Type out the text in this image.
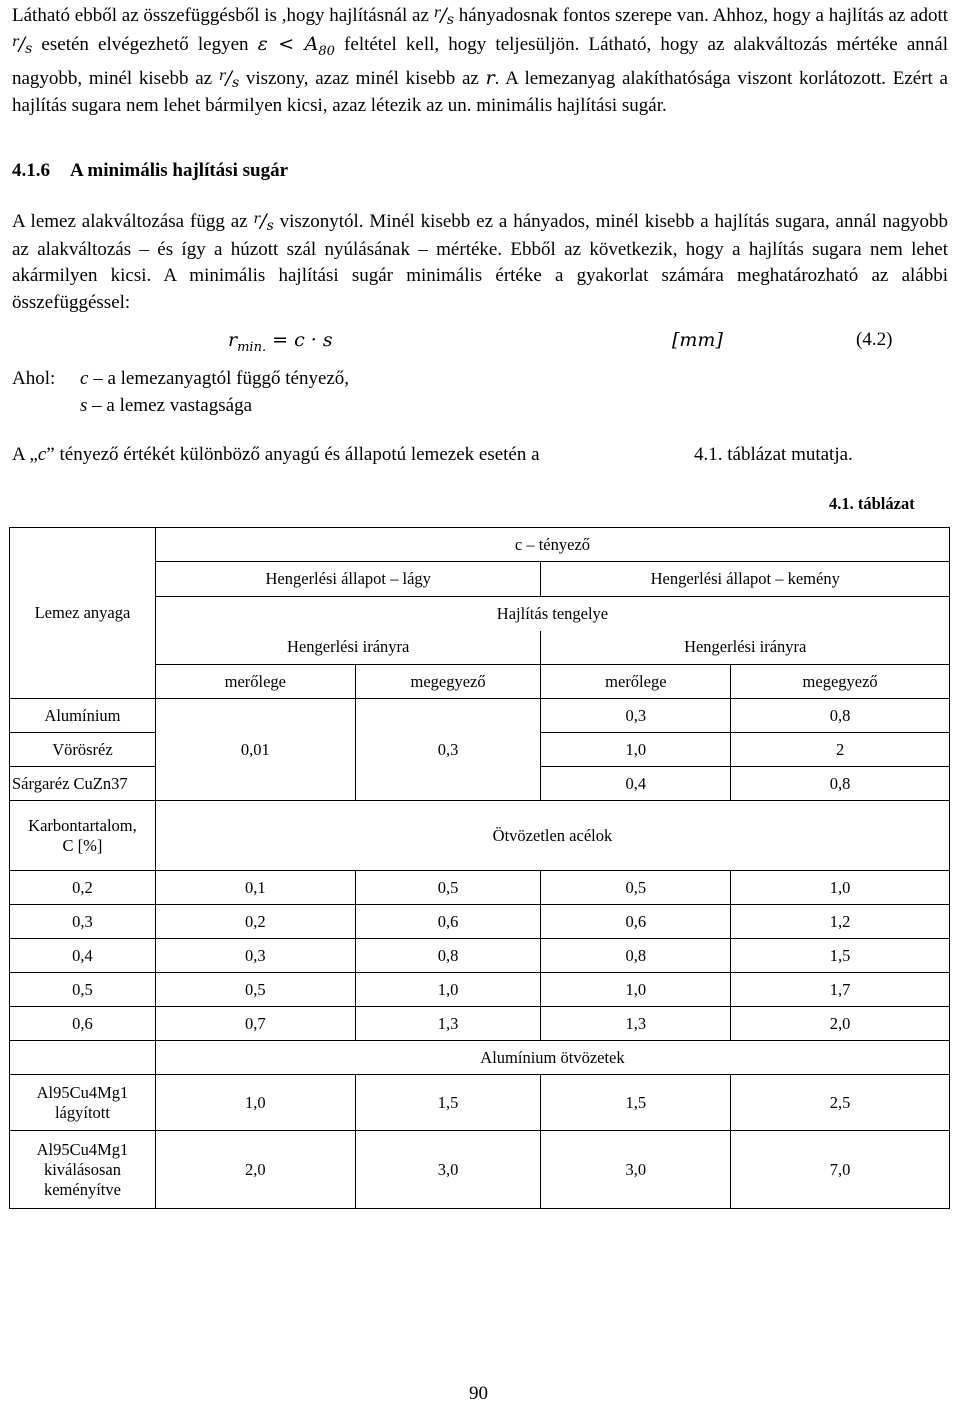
Látható ebből az összefüggésből is ,hogy hajlításnál az $^r/_s$ hányadosnak fontos szerepe van. Ahhoz, hogy a hajlítás az adott $^r/_s$ esetén elvégezhető legyen $\varepsilon < A_{80}$ feltétel kell, hogy teljesüljön. Látható, hogy az alakváltozás mértéke annál nagyobb, minél kisebb az $^r/_s$ viszony, azaz minél kisebb az r. A lemezanyag alakíthatósága viszont korlátozott. Ezért a hajlítás sugara nem lehet bármilyen kicsi, azaz létezik az un. minimális hajlítási sugár.
4.1.6 A minimális hajlítási sugár
A lemez alakváltozása függ az $^r/_s$ viszonytól. Minél kisebb ez a hányados, minél kisebb a hajlítás sugara, annál nagyobb az alakváltozás – és így a húzott szál nyúlásának – mértéke. Ebből az következik, hogy a hajlítás sugara nem lehet akármilyen kicsi. A minimális hajlítási sugár minimális értéke a gyakorlat számára meghatározható az alábbi összefüggéssel:
$r_{min.} = c \cdot s$	[mm]	(4.2)
Ahol: c – a lemezanyagtól függő tényező,
s – a lemez vastagsága
A „c” tényező értékét különböző anyagú és állapotú lemezek esetén a	4.1. táblázat mutatja.
4.1. táblázat
Lemez anyaga	c – tényező			
	Hengerlési állapot – lágy		Hengerlési állapot – kemény	
	Hajlítás tengelye			
	Hengerlési irányra		Hengerlési irányra	
	merőlege	megegyező	merőlege	megegyező
Alumínium	0,01	0,3	0,3	0,8
Vörösréz			1,0	2
Sárgaréz CuZn37			0,4	0,8

Karbontartalom,
C [%]	Ötvözetlen acélok			
0,2	0,1	0,5	0,5	1,0
0,3	0,2	0,6	0,6	1,2
0,4	0,3	0,8	0,8	1,5
0,5	0,5	1,0	1,0	1,7
0,6	0,7	1,3	1,3	2,0
	Alumínium ötvözetek			

Al95Cu4Mg1
lágyított	1,0	1,5	1,5	2,5

Al95Cu4Mg1
kiválásosan
keményítve	2,0	3,0	3,0	7,0
90
